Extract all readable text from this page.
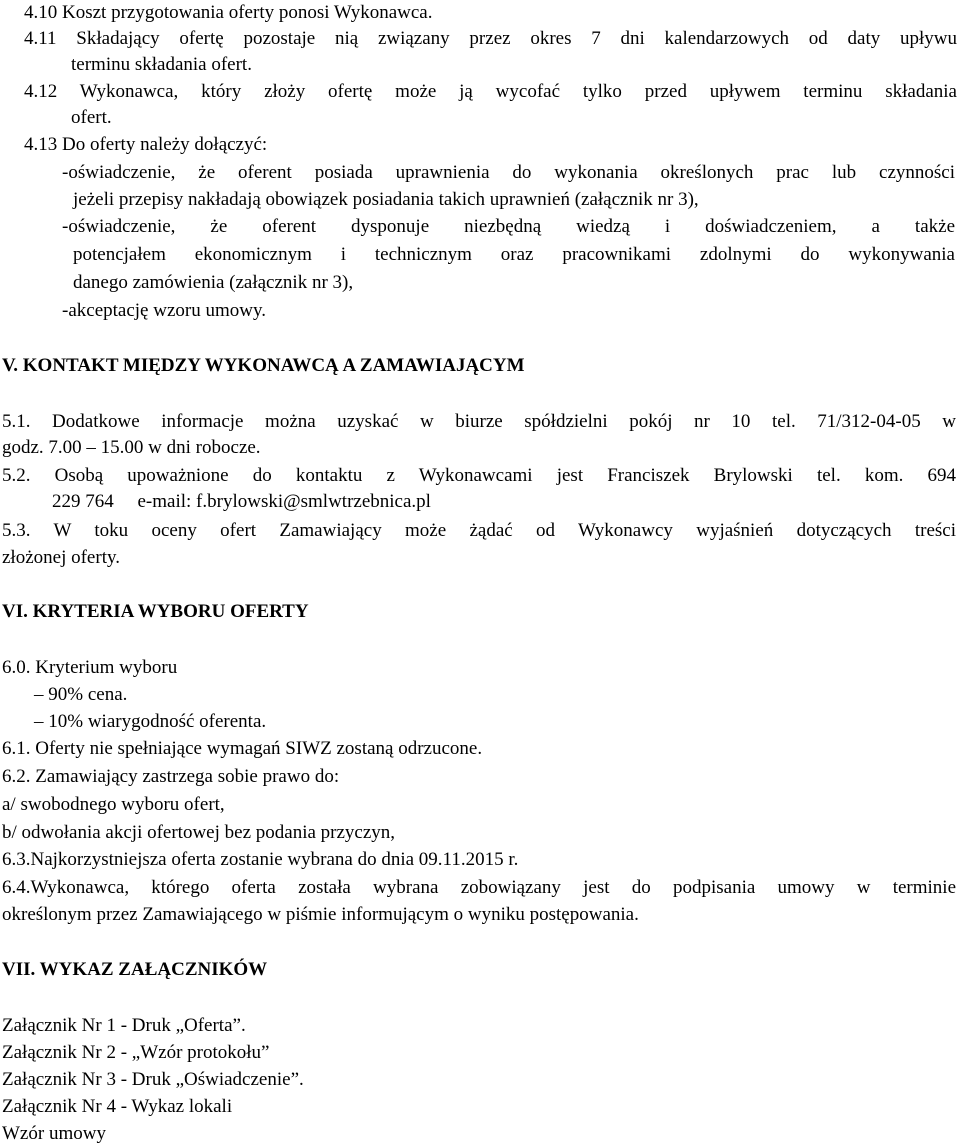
4.10 Koszt przygotowania oferty ponosi Wykonawca.
4.11 Składający ofertę pozostaje nią związany przez okres 7 dni kalendarzowych od daty upływu
terminu składania ofert.
4.12 Wykonawca, który złoży ofertę może ją wycofać tylko przed upływem terminu składania
ofert.
4.13 Do oferty należy dołączyć:
-oświadczenie, że oferent posiada uprawnienia do wykonania określonych prac lub czynności
jeżeli przepisy nakładają obowiązek posiadania takich uprawnień (załącznik nr 3),
-oświadczenie, że oferent dysponuje niezbędną wiedzą i doświadczeniem, a także
potencjałem ekonomicznym i technicznym oraz pracownikami zdolnymi do wykonywania
danego zamówienia (załącznik nr 3),
-akceptację wzoru umowy.
V. KONTAKT MIĘDZY WYKONAWCĄ A ZAMAWIAJĄCYM
5.1. Dodatkowe informacje można uzyskać w biurze spółdzielni pokój nr 10 tel. 71/312-04-05 w
godz. 7.00 – 15.00 w dni robocze.
5.2. Osobą upoważnione do kontaktu z Wykonawcami jest Franciszek Brylowski tel. kom. 694
229 764     e-mail: f.brylowski@smlwtrzebnica.pl
5.3. W toku oceny ofert Zamawiający może żądać od Wykonawcy wyjaśnień dotyczących treści
złożonej oferty.
VI. KRYTERIA WYBORU OFERTY
6.0. Kryterium wyboru
– 90% cena.
– 10% wiarygodność oferenta.
6.1. Oferty nie spełniające wymagań SIWZ zostaną odrzucone.
6.2. Zamawiający zastrzega sobie prawo do:
a/ swobodnego wyboru ofert,
b/ odwołania akcji ofertowej bez podania przyczyn,
6.3.Najkorzystniejsza oferta zostanie wybrana do dnia 09.11.2015 r.
6.4.Wykonawca, którego oferta została wybrana zobowiązany jest do podpisania umowy w terminie
określonym przez Zamawiającego w piśmie informującym o wyniku postępowania.
VII. WYKAZ ZAŁĄCZNIKÓW
Załącznik Nr 1 - Druk „Oferta”.
Załącznik Nr 2 - „Wzór protokołu”
Załącznik Nr 3 - Druk „Oświadczenie”.
Załącznik Nr 4 - Wykaz lokali
Wzór umowy
